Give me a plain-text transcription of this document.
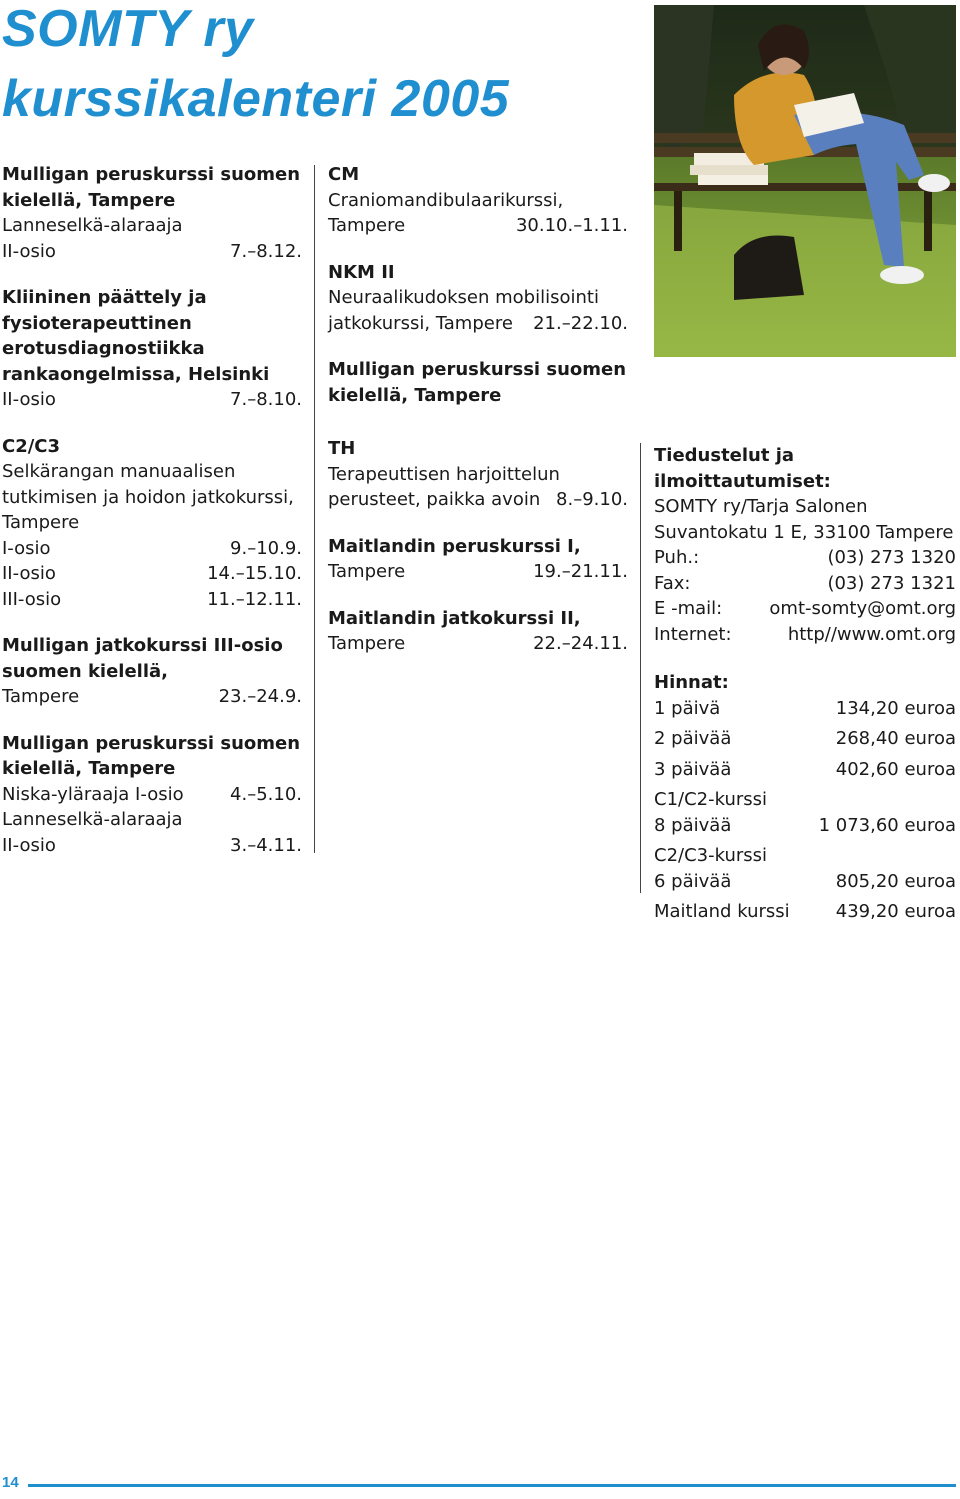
SOMTY ry
kurssikalenteri 2005
Mulligan peruskurssi suomen
kielellä, Tampere
Lanneselkä-alaraaja
II-osio	7.–8.12.
Kliininen päättely ja
fysioterapeuttinen
erotusdiagnostiikka
rankaongelmissa, Helsinki
II-osio	7.–8.10.
C2/C3
Selkärangan manuaalisen
tutkimisen ja hoidon jatkokurssi,
Tampere
I-osio	9.–10.9.
II-osio	14.–15.10.
III-osio	11.–12.11.
Mulligan jatkokurssi III-osio
suomen kielellä,
Tampere	23.–24.9.
Mulligan peruskurssi suomen
kielellä, Tampere
Niska-yläraaja I-osio	4.–5.10.
Lanneselkä-alaraaja
II-osio	3.–4.11.
CM
Craniomandibulaarikurssi,
Tampere	30.10.–1.11.
NKM II
Neuraalikudoksen mobilisointi
jatkokurssi, Tampere 21.–22.10.
Mulligan peruskurssi suomen
kielellä, Tampere
TH
Terapeuttisen harjoittelun
perusteet, paikka avoin 8.–9.10.
Maitlandin peruskurssi I,
Tampere	19.–21.11.
Maitlandin jatkokurssi II,
Tampere	22.–24.11.
Tiedustelut ja ilmoittautumiset:
SOMTY ry/Tarja Salonen
Suvantokatu 1 E, 33100 Tampere
Puh.:	(03) 273 1320
Fax:	(03) 273 1321
E -mail:	omt-somty@omt.org
Internet:	http//www.omt.org
Hinnat:
1 päivä	134,20 euroa
2 päivää	268,40 euroa
3 päivää	402,60 euroa
C1/C2-kurssi
8 päivää	1 073,60 euroa
C2/C3-kurssi
6 päivää	805,20 euroa
Maitland kurssi	439,20 euroa
14
